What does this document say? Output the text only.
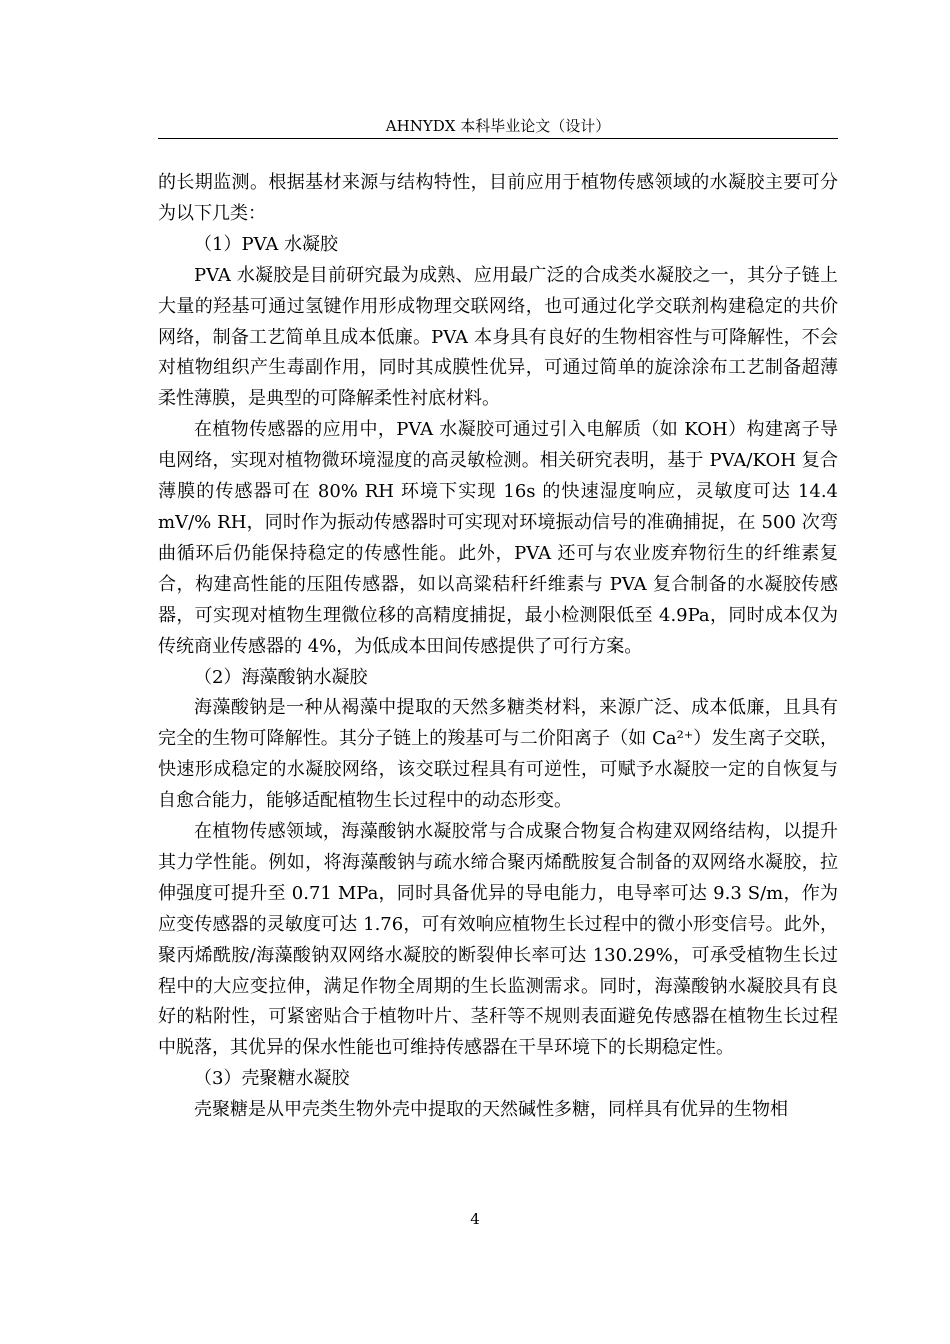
AHNYDX 本科毕业论文（设计）

的长期监测。根据基材来源与结构特性，目前应用于植物传感领域的水凝胶主要可分为以下几类：

（1）PVA 水凝胶

PVA 水凝胶是目前研究最为成熟、应用最广泛的合成类水凝胶之一，其分子链上大量的羟基可通过氢键作用形成物理交联网络，也可通过化学交联剂构建稳定的共价网络，制备工艺简单且成本低廉。PVA 本身具有良好的生物相容性与可降解性，不会对植物组织产生毒副作用，同时其成膜性优异，可通过简单的旋涂涂布工艺制备超薄柔性薄膜，是典型的可降解柔性衬底材料。

在植物传感器的应用中，PVA 水凝胶可通过引入电解质（如 KOH）构建离子导电网络，实现对植物微环境湿度的高灵敏检测。相关研究表明，基于 PVA/KOH 复合薄膜的传感器可在 80% RH 环境下实现 16s 的快速湿度响应，灵敏度可达 14.4 mV/% RH，同时作为振动传感器时可实现对环境振动信号的准确捕捉，在 500 次弯曲循环后仍能保持稳定的传感性能。此外，PVA 还可与农业废弃物衍生的纤维素复合，构建高性能的压阻传感器，如以高粱秸秆纤维素与 PVA 复合制备的水凝胶传感器，可实现对植物生理微位移的高精度捕捉，最小检测限低至 4.9Pa，同时成本仅为传统商业传感器的 4%，为低成本田间传感提供了可行方案。

（2）海藻酸钠水凝胶

海藻酸钠是一种从褐藻中提取的天然多糖类材料，来源广泛、成本低廉，且具有完全的生物可降解性。其分子链上的羧基可与二价阳离子（如 Ca²⁺）发生离子交联，快速形成稳定的水凝胶网络，该交联过程具有可逆性，可赋予水凝胶一定的自恢复与自愈合能力，能够适配植物生长过程中的动态形变。

在植物传感领域，海藻酸钠水凝胶常与合成聚合物复合构建双网络结构，以提升其力学性能。例如，将海藻酸钠与疏水缔合聚丙烯酰胺复合制备的双网络水凝胶，拉伸强度可提升至 0.71 MPa，同时具备优异的导电能力，电导率可达 9.3 S/m，作为应变传感器的灵敏度可达 1.76，可有效响应植物生长过程中的微小形变信号。此外，聚丙烯酰胺/海藻酸钠双网络水凝胶的断裂伸长率可达 130.29%，可承受植物生长过程中的大应变拉伸，满足作物全周期的生长监测需求。同时，海藻酸钠水凝胶具有良好的粘附性，可紧密贴合于植物叶片、茎秆等不规则表面避免传感器在植物生长过程中脱落，其优异的保水性能也可维持传感器在干旱环境下的长期稳定性。

（3）壳聚糖水凝胶

壳聚糖是从甲壳类生物外壳中提取的天然碱性多糖，同样具有优异的生物相

4
